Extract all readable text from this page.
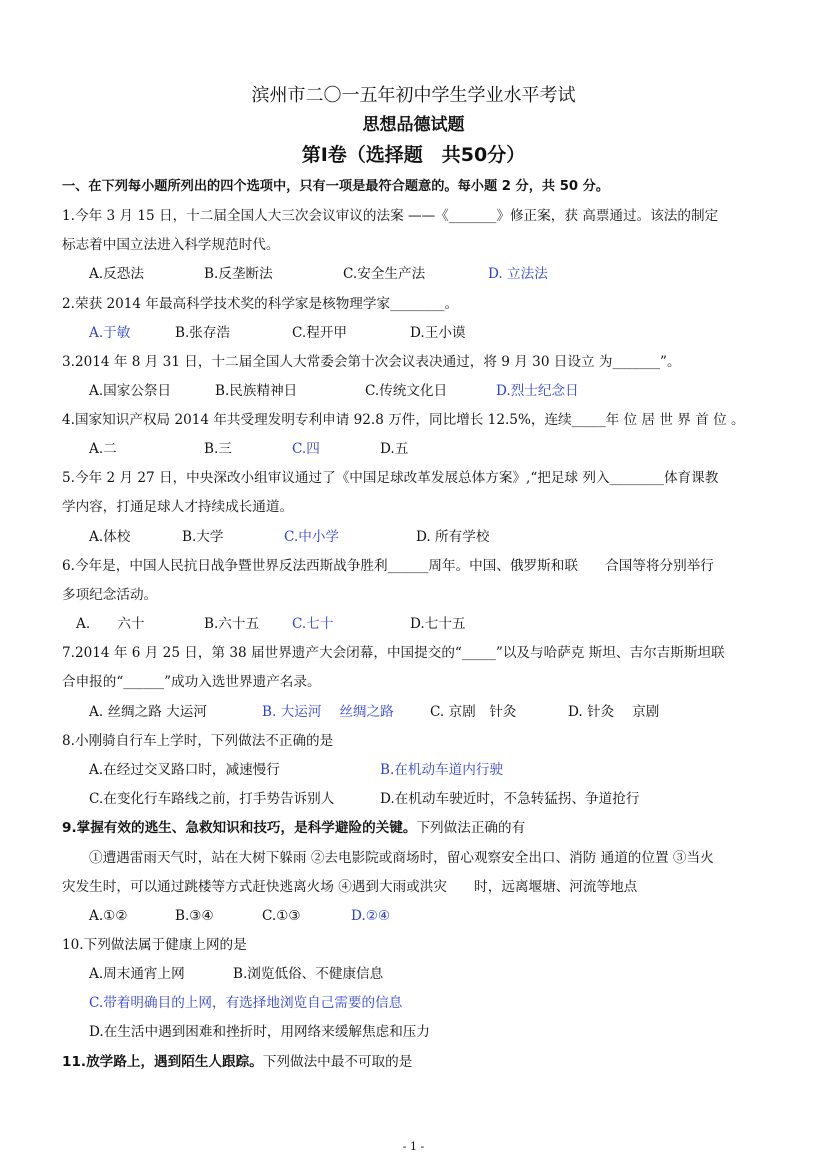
滨州市二〇一五年初中学生学业水平考试
思想品德试题
第Ⅰ卷（选择题　共50分）
一、在下列每小题所列出的四个选项中，只有一项是最符合题意的。每小题 2 分，共 50 分。
1.今年 3 月 15 日，十二届全国人大三次会议审议的法案 ——《_______》修正案，获 高票通过。该法的制定
标志着中国立法进入科学规范时代。
A.反恐法	B.反垄断法	C.安全生产法	D. 立法法
2.荣获 2014 年最高科学技术奖的科学家是核物理学家________。
A.于敏	B.张存浩	C.程开甲	D.王小谟
3.2014 年 8 月 31 日，十二届全国人大常委会第十次会议表决通过，将 9 月 30 日设立 为_______”。
A.国家公祭日	B.民族精神日	C.传统文化日	D.烈士纪念日
4.国家知识产权局 2014 年共受理发明专利申请 92.8 万件，同比增长 12.5%，连续_____年 位 居 世 界 首 位 。
A.二	B.三	C.四	D.五
5.今年 2 月 27 日，中央深改小组审议通过了《中国足球改革发展总体方案》,“把足球 列入________体育课教
学内容，打通足球人才持续成长通道。
A.体校	B.大学	C.中小学	D. 所有学校
6.今年是，中国人民抗日战争暨世界反法西斯战争胜利______周年。中国、俄罗斯和联　　合国等将分别举行
多项纪念活动。
A.　　六十	B.六十五 C.七十	D.七十五
7.2014 年 6 月 25 日，第 38 届世界遗产大会闭幕，中国提交的“_____”以及与哈萨克 斯坦、吉尔吉斯斯坦联
合申报的“______”成功入选世界遗产名录。
A. 丝绸之路 大运河	B. 大运河　 丝绸之路	C. 京剧　针灸	D. 针灸　 京剧
8.小刚骑自行车上学时，下列做法不正确的是
A.在经过交叉路口时，减速慢行	B.在机动车道内行驶
C.在变化行车路线之前，打手势告诉别人	D.在机动车驶近时，不急转猛拐、争道抢行
9.掌握有效的逃生、急救知识和技巧，是科学避险的关键。下列做法正确的有
①遭遇雷雨天气时，站在大树下躲雨 ②去电影院或商场时，留心观察安全出口、消防 通道的位置 ③当火
灾发生时，可以通过跳楼等方式赶快逃离火场 ④遇到大雨或洪灾　　时，远离堰塘、河流等地点
A.①②	B.③④	C.①③	D.②④
10.下列做法属于健康上网的是
A.周末通宵上网	B.浏览低俗、不健康信息
C.带着明确目的上网，有选择地浏览自己需要的信息
D.在生活中遇到困难和挫折时，用网络来缓解焦虑和压力
11.放学路上，遇到陌生人跟踪。下列做法中最不可取的是
- 1 -
